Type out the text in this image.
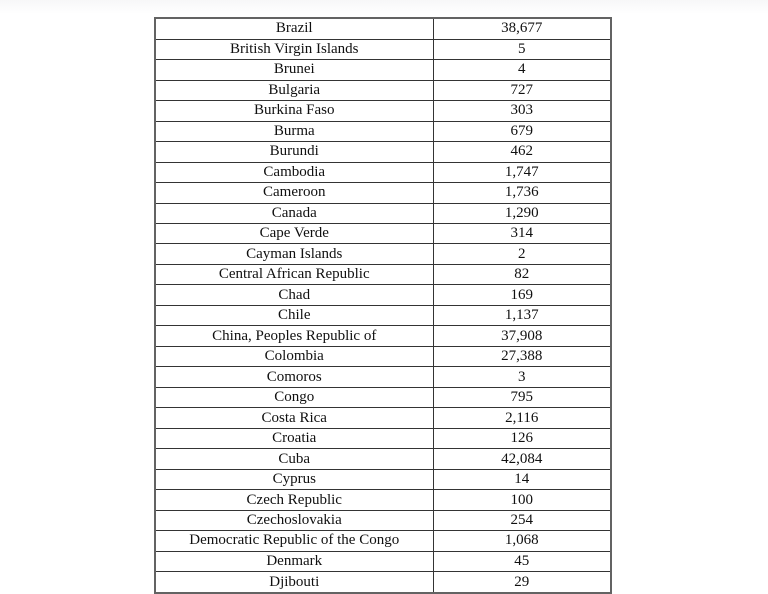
Brazil	38,677
British Virgin Islands	5
Brunei	4
Bulgaria	727
Burkina Faso	303
Burma	679
Burundi	462
Cambodia	1,747
Cameroon	1,736
Canada	1,290
Cape Verde	314
Cayman Islands	2
Central African Republic	82
Chad	169
Chile	1,137
China, Peoples Republic of	37,908
Colombia	27,388
Comoros	3
Congo	795
Costa Rica	2,116
Croatia	126
Cuba	42,084
Cyprus	14
Czech Republic	100
Czechoslovakia	254
Democratic Republic of the Congo	1,068
Denmark	45
Djibouti	29
